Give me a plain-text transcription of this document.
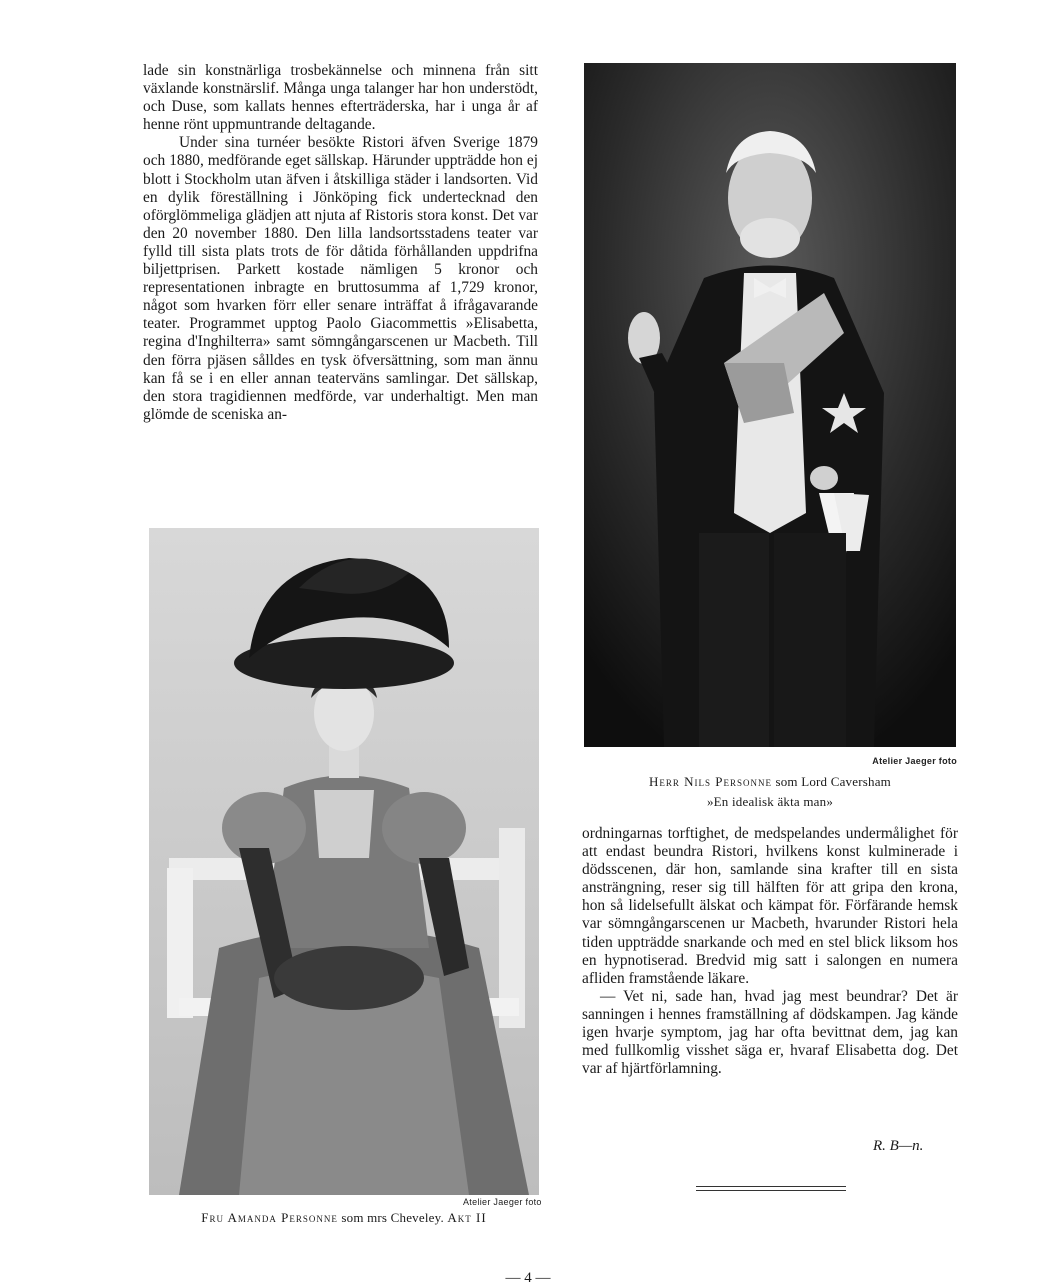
lade sin konstnärliga trosbekännelse och minnena från sitt växlande konstnärslif. Många unga talanger har hon understödt, och Duse, som kallats hennes efterträderska, har i unga år af henne rönt uppmuntrande deltagande.

Under sina turnéer besökte Ristori äfven Sverige 1879 och 1880, medförande eget sällskap. Härunder uppträdde hon ej blott i Stockholm utan äfven i åtskilliga städer i landsorten. Vid en dylik föreställning i Jönköping fick undertecknad den oförglömmeliga glädjen att njuta af Ristoris stora konst. Det var den 20 november 1880. Den lilla landsortsstadens teater var fylld till sista plats trots de för dåtida förhållanden uppdrifna biljettprisen. Parkett kostade nämligen 5 kronor och representationen inbragte en bruttosumma af 1,729 kronor, något som hvarken förr eller senare inträffat å ifrågavarande teater. Programmet upptog Paolo Giacommettis »Elisabetta, regina d'Inghilterra» samt sömngångarscenen ur Macbeth. Till den förra pjäsen sålldes en tysk öfversättning, som man ännu kan få se i en eller annan teaterväns samlingar. Det sällskap, den stora tragidiennen medförde, var underhaltigt. Men man glömde de sceniska an-

Atelier Jaeger foto
Herr Nils Personne som Lord Caversham
»En idealisk äkta man»
Atelier Jaeger foto
Fru Amanda Personne som mrs Cheveley. Akt II

ordningarnas torftighet, de medspelandes undermålighet för att endast beundra Ristori, hvilkens konst kulminerade i dödsscenen, där hon, samlande sina krafter till en sista ansträngning, reser sig till hälften för att gripa den krona, hon så lidelsefullt älskat och kämpat för. Förfärande hemsk var sömngångarscenen ur Macbeth, hvarunder Ristori hela tiden uppträdde snarkande och med en stel blick liksom hos en hypnotiserad. Bredvid mig satt i salongen en numera afliden framstående läkare.

— Vet ni, sade han, hvad jag mest beundrar? Det är sanningen i hennes framställning af dödskampen. Jag kände igen hvarje symptom, jag har ofta bevittnat dem, jag kan med fullkomlig visshet säga er, hvaraf Elisabetta dog. Det var af hjärtförlamning.

R. B—n.
— 4 —
